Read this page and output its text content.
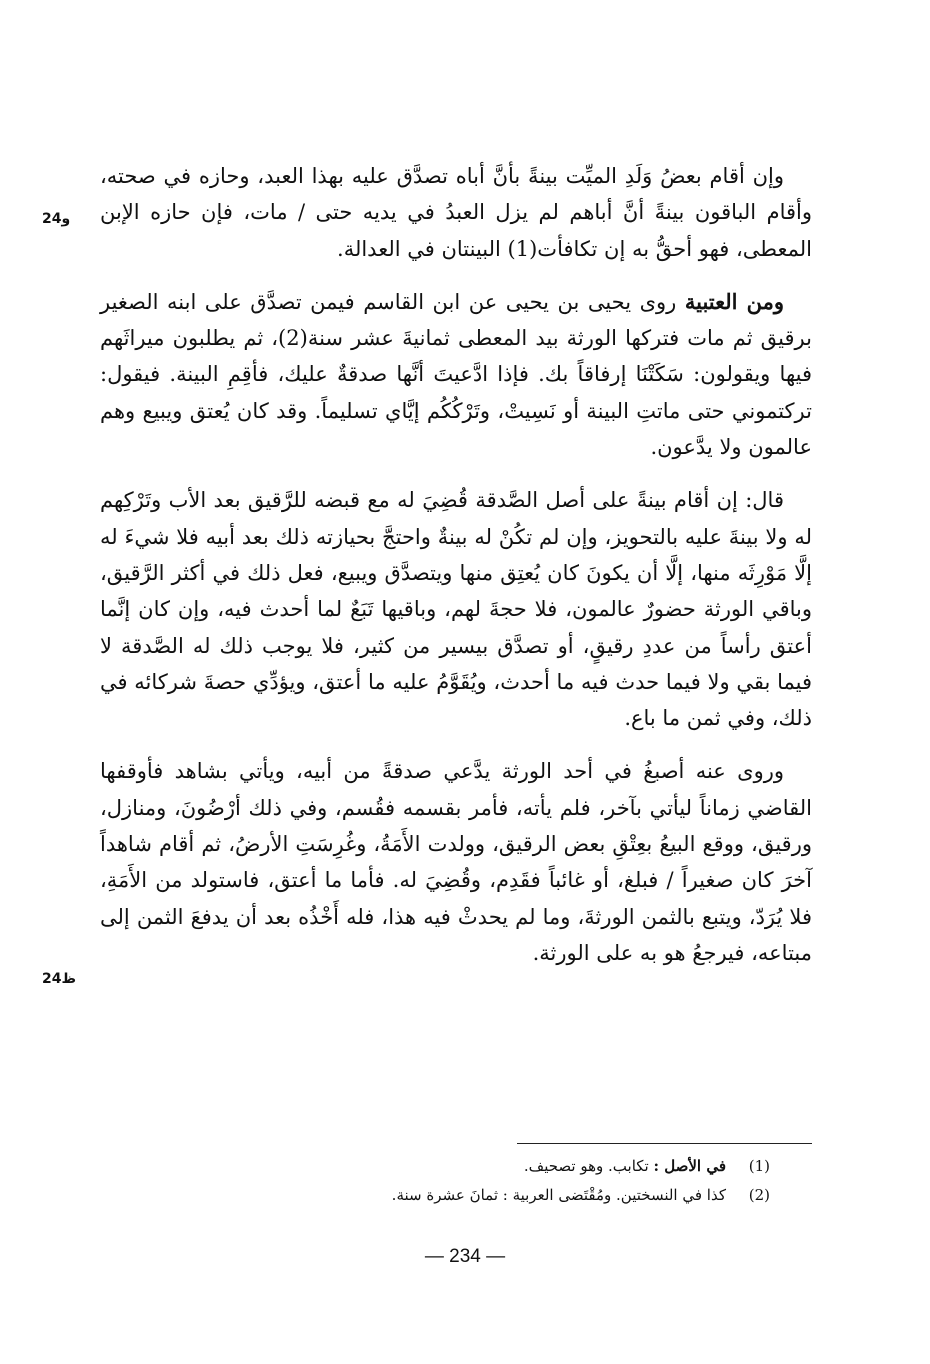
وإن أقام بعضُ وَلَدِ الميِّت بينةً بأنَّ أباه تصدَّق عليه بهذا العبد، وحازه في صحته، وأقام الباقون بينةً أنَّ أباهم لم يزل العبدُ في يديه حتى / مات، فإن حازه الإبن المعطى، فهو أحقُّ به إن تكافأت(1) البينتان في العدالة.

ومن العتبية روى يحيى بن يحيى عن ابن القاسم فيمن تصدَّق على ابنه الصغير برقيق ثم مات فتركها الورثة بيد المعطى ثمانيةَ عشر سنة(2)، ثم يطلبون ميراثَهم فيها ويقولون: سَكَتْنَا إرفاقاً بك. فإذا ادَّعيتَ أنَّها صدقةٌ عليك، فأقِمِ البينة. فيقول: تركتموني حتى ماتتِ البينة أو نَسِيتْ، وتَرْكُكُم إيَّاي تسليماً. وقد كان يُعتق ويبيع وهم عالمون ولا يدَّعون.

قال: إن أقام بينةً على أصل الصَّدقة قُضِيَ له مع قبضه للرَّقيق بعد الأب وتَرْكِهم له ولا بينةَ عليه بالتحويز، وإن لم تكُنْ له بينةٌ واحتجَّ بحيازته ذلك بعد أبيه فلا شيءَ له إلَّا مَوْرِثَه منها، إلَّا أن يكونَ كان يُعتِق منها ويتصدَّق ويبيع، فعل ذلك في أكثر الرَّقيق، وباقي الورثة حضورٌ عالمون، فلا حجةَ لهم، وباقيها تَبَعٌ لما أحدث فيه، وإن كان إنَّما أعتق رأساً من عددِ رقيقٍ، أو تصدَّق بيسير من كثير، فلا يوجب ذلك له الصَّدقة لا فيما بقي ولا فيما حدث فيه ما أحدث، ويُقَوَّمُ عليه ما أعتق، ويؤدِّي حصةَ شركائه في ذلك، وفي ثمن ما باع.

وروى عنه أصبغُ في أحد الورثة يدَّعي صدقةً من أبيه، ويأتي بشاهد فأوقفها القاضي زماناً ليأتي بآخر، فلم يأته، فأمر بقسمه فقُسم، وفي ذلك أرْضُونَ، ومنازل، ورقيق، ووقع البيعُ بعِتْقِ بعض الرقيق، وولدت الأَمَةُ، وغُرِسَتِ الأرضُ، ثم أقام شاهداً آخرَ كان صغيراً / فبلغ، أو غائباً فقَدِم، وقُضِيَ له. فأما ما أعتق، فاستولد من الأَمَةِ، فلا يُرَدّ، ويتبع بالثمن الورثةَ، وما لم يحدثْ فيه هذا، فله أَخْذُه بعد أن يدفعَ الثمن إلى مبتاعه، فيرجعُ هو به على الورثة.

و24
ظ24

(1)في الأصل : تكابب. وهو تصحيف.

(2)كذا في النسختين. ومُقْتَضى العربية : ثمانَ عشرة سنة.

— 234 —
